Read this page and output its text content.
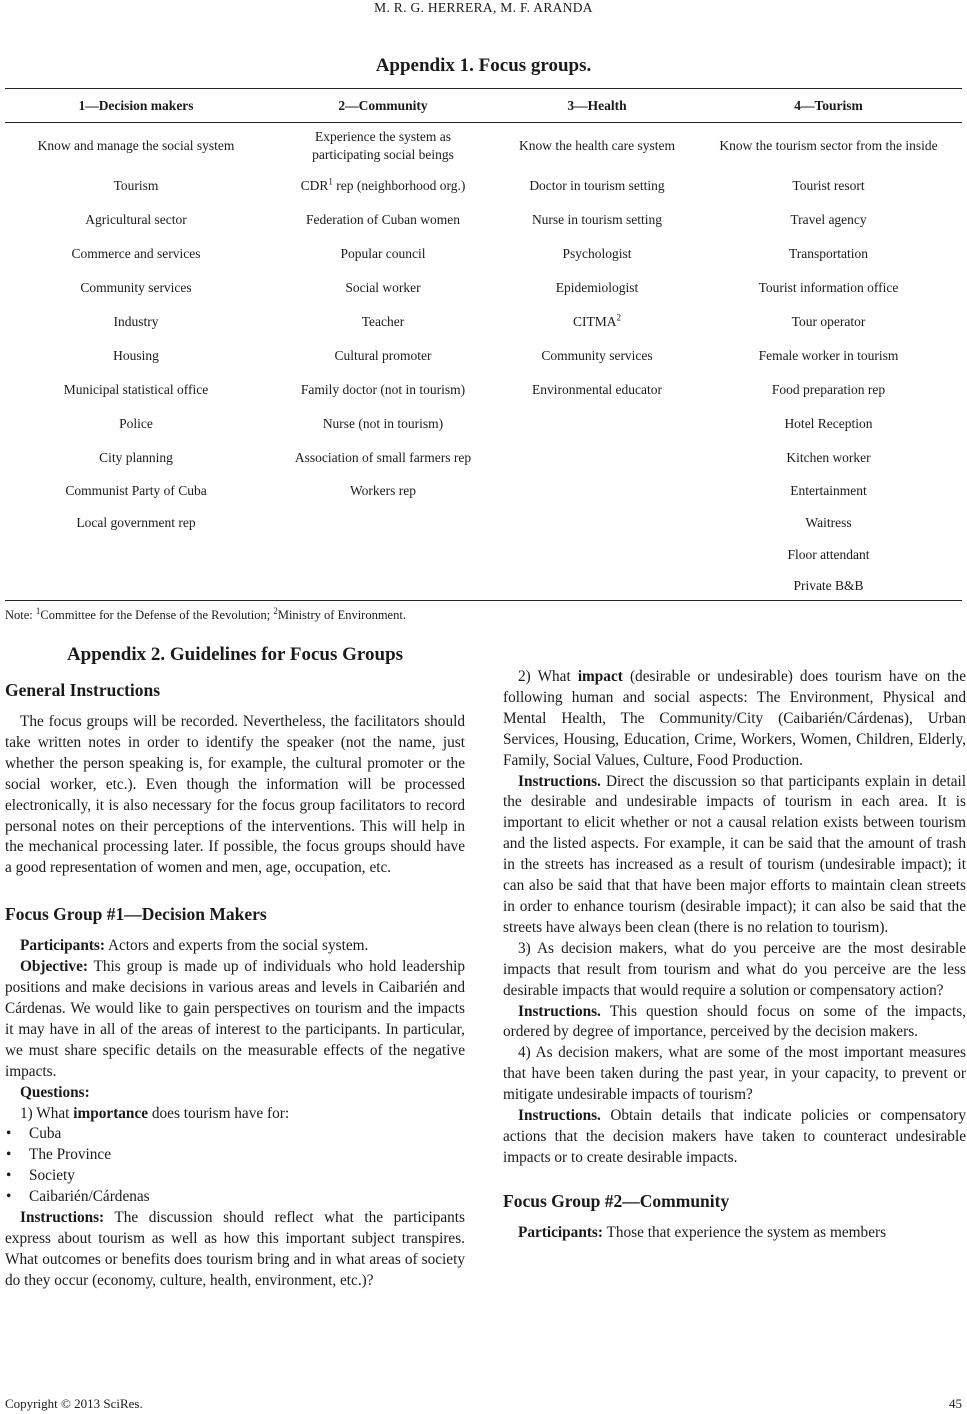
M. R. G. HERRERA, M. F. ARANDA
Appendix 1. Focus groups.
1—Decision makers	2—Community	3—Health	4—Tourism
Know and manage the social system	Experience the system as participating social beings	Know the health care system	Know the tourism sector from the inside
Tourism	CDR$^1$ rep (neighborhood org.)	Doctor in tourism setting	Tourist resort
Agricultural sector	Federation of Cuban women	Nurse in tourism setting	Travel agency
Commerce and services	Popular council	Psychologist	Transportation
Community services	Social worker	Epidemiologist	Tourist information office
Industry	Teacher	CITMA$^2$	Tour operator
Housing	Cultural promoter	Community services	Female worker in tourism
Municipal statistical office	Family doctor (not in tourism)	Environmental educator	Food preparation rep
Police	Nurse (not in tourism)		Hotel Reception
City planning	Association of small farmers rep		Kitchen worker
Communist Party of Cuba	Workers rep		Entertainment
Local government rep			Waitress
			Floor attendant
			Private B&B
Note: $^1$Committee for the Defense of the Revolution; $^2$Ministry of Environment.
Appendix 2. Guidelines for Focus Groups
General Instructions

The focus groups will be recorded. Nevertheless, the facilitators should take written notes in order to identify the speaker (not the name, just whether the person speaking is, for example, the cultural promoter or the social worker, etc.). Even though the information will be processed electronically, it is also necessary for the focus group facilitators to record personal notes on their perceptions of the interventions. This will help in the mechanical processing later. If possible, the focus groups should have a good representation of women and men, age, occupation, etc.

Focus Group #1—Decision Makers

Participants: Actors and experts from the social system.

Objective: This group is made up of individuals who hold leadership positions and make decisions in various areas and levels in Caibarién and Cárdenas. We would like to gain perspectives on tourism and the impacts it may have in all of the areas of interest to the participants. In particular, we must share specific details on the measurable effects of the negative impacts.

Questions:

1) What importance does tourism have for:

• Cuba
• The Province
• Society
• Caibarién/Cárdenas

Instructions: The discussion should reflect what the participants express about tourism as well as how this important subject transpires. What outcomes or benefits does tourism bring and in what areas of society do they occur (economy, culture, health, environment, etc.)?

2) What impact (desirable or undesirable) does tourism have on the following human and social aspects: The Environment, Physical and Mental Health, The Community/City (Caibarién/Cárdenas), Urban Services, Housing, Education, Crime, Workers, Women, Children, Elderly, Family, Social Values, Culture, Food Production.

Instructions. Direct the discussion so that participants explain in detail the desirable and undesirable impacts of tourism in each area. It is important to elicit whether or not a causal relation exists between tourism and the listed aspects. For example, it can be said that the amount of trash in the streets has increased as a result of tourism (undesirable impact); it can also be said that that have been major efforts to maintain clean streets in order to enhance tourism (desirable impact); it can also be said that the streets have always been clean (there is no relation to tourism).

3) As decision makers, what do you perceive are the most desirable impacts that result from tourism and what do you perceive are the less desirable impacts that would require a solution or compensatory action?

Instructions. This question should focus on some of the impacts, ordered by degree of importance, perceived by the decision makers.

4) As decision makers, what are some of the most important measures that have been taken during the past year, in your capacity, to prevent or mitigate undesirable impacts of tourism?

Instructions. Obtain details that indicate policies or compensatory actions that the decision makers have taken to counteract undesirable impacts or to create desirable impacts.

Focus Group #2—Community

Participants: Those that experience the system as members

Copyright © 2013 SciRes.	45
